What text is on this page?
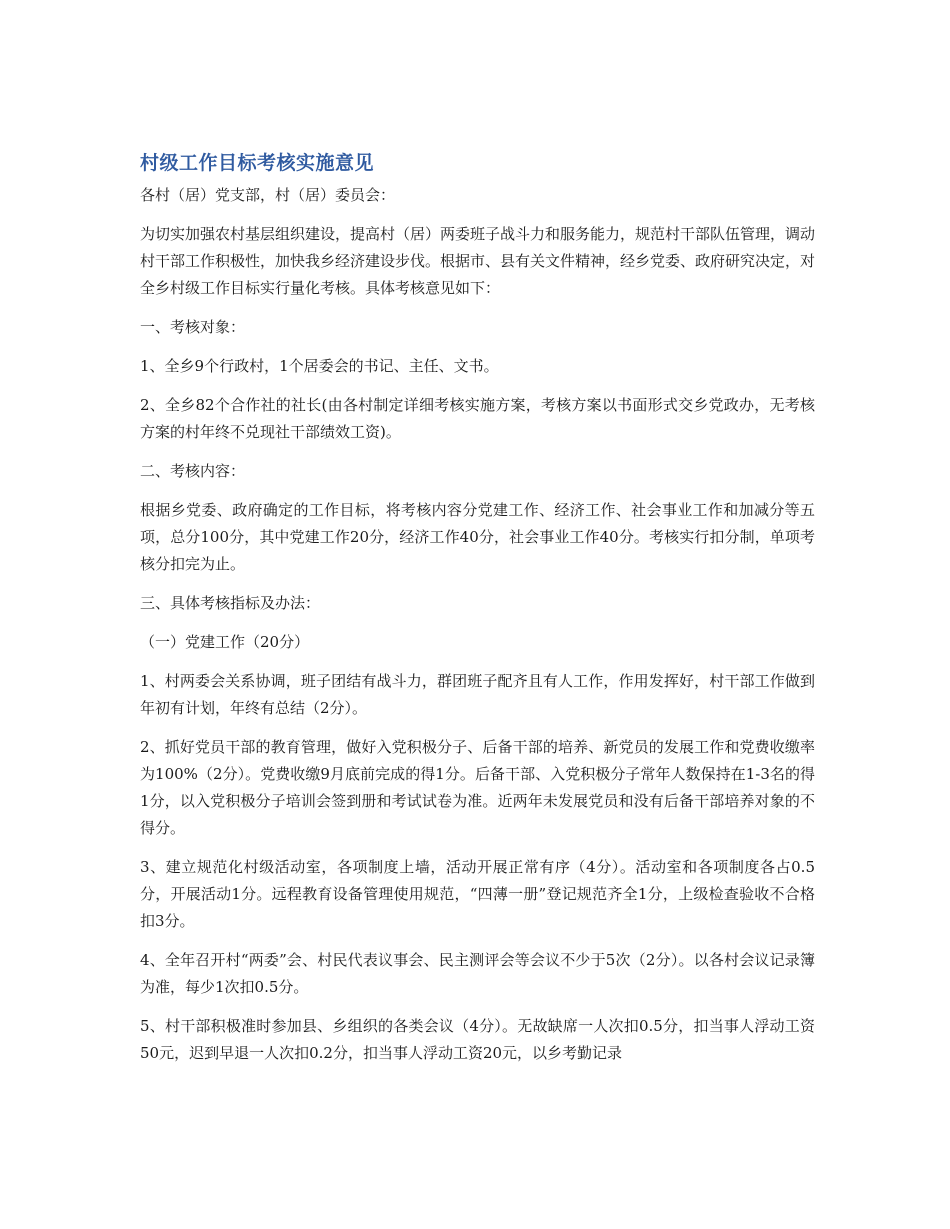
村级工作目标考核实施意见

各村（居）党支部，村（居）委员会：

为切实加强农村基层组织建设，提高村（居）两委班子战斗力和服务能力，规范村干部队伍管理，调动村干部工作积极性，加快我乡经济建设步伐。根据市、县有关文件精神，经乡党委、政府研究决定，对全乡村级工作目标实行量化考核。具体考核意见如下：

一、考核对象：

1、全乡9个行政村，1个居委会的书记、主任、文书。

2、全乡82个合作社的社长(由各村制定详细考核实施方案，考核方案以书面形式交乡党政办，无考核方案的村年终不兑现社干部绩效工资)。

二、考核内容：

根据乡党委、政府确定的工作目标，将考核内容分党建工作、经济工作、社会事业工作和加减分等五项，总分100分，其中党建工作20分，经济工作40分，社会事业工作40分。考核实行扣分制，单项考核分扣完为止。

三、具体考核指标及办法：

（一）党建工作（20分）

1、村两委会关系协调，班子团结有战斗力，群团班子配齐且有人工作，作用发挥好，村干部工作做到年初有计划，年终有总结（2分）。

2、抓好党员干部的教育管理，做好入党积极分子、后备干部的培养、新党员的发展工作和党费收缴率为100%（2分）。党费收缴9月底前完成的得1分。后备干部、入党积极分子常年人数保持在1-3名的得1分，以入党积极分子培训会签到册和考试试卷为准。近两年未发展党员和没有后备干部培养对象的不得分。

3、建立规范化村级活动室，各项制度上墙，活动开展正常有序（4分）。活动室和各项制度各占0.5分，开展活动1分。远程教育设备管理使用规范，“四薄一册”登记规范齐全1分，上级检查验收不合格扣3分。

4、全年召开村“两委”会、村民代表议事会、民主测评会等会议不少于5次（2分）。以各村会议记录簿为准，每少1次扣0.5分。

5、村干部积极准时参加县、乡组织的各类会议（4分）。无故缺席一人次扣0.5分，扣当事人浮动工资50元，迟到早退一人次扣0.2分，扣当事人浮动工资20元，以乡考勤记录
